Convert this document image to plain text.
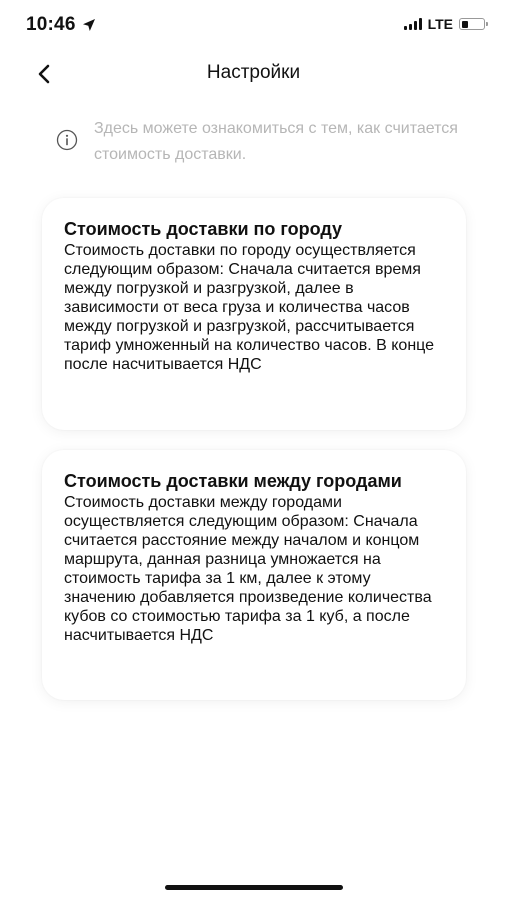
10:46	LTE
Настройки
Здесь можете ознакомиться с тем, как считается стоимость доставки.

Стоимость доставки по городу

Стоимость доставки по городу осуществляется следующим образом: Сначала считается время между погрузкой и разгрузкой, далее в зависимости от веса груза и количества часов между погрузкой и разгрузкой, рассчитывается тариф умноженный на количество часов. В конце после насчитывается НДС

Стоимость доставки между городами

Стоимость доставки между городами осуществляется следующим образом: Сначала считается расстояние между началом и концом маршрута, данная разница умножается на стоимость тарифа за 1 км, далее к этому значению добавляется произведение количества кубов со стоимостью тарифа за 1 куб, а после насчитывается НДС
